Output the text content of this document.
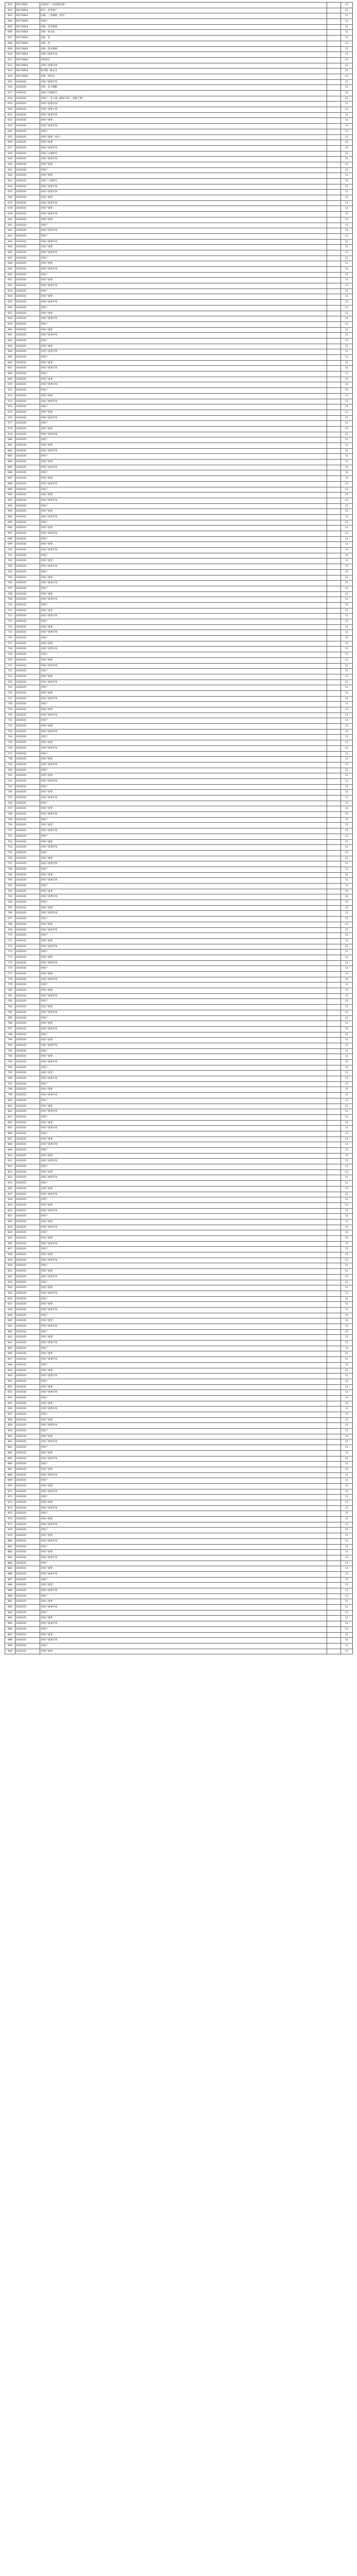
601	00170602	养殖场户（国家级重要）	11
602	00170602	废弃一类养殖户	11
603	00170603	旧城一二类辅助（备价）	11
604	00170603	养殖户	11
605	00170603	养殖一类食物链	11
606	00170604	养殖一类食品	11
607	00170604	养殖一类	11
608	00170604	养殖二类	11
609	00170604	养殖一类食物链	11
610	00170604	养殖户重要市场	11
611	00170604	养殖单位	11
612	00170604	养殖户重要市场	11
613	00170604	地市级一级农业	11
614	00170604	养殖一类的业	11
615	2018101	养殖户重要市场	11
616	2018101	养殖一类大棚粮	11
617	2018101	养殖户实施研究	11
618	2018101	养殖户一类主要（辅助市场）（重要主要）	11
619	2018101	养殖户重要市场	11
620	2018101	养殖户重要主要	11
621	2018101	养殖户重要市场	11
622	2018101	养殖户重要	11
623	2018101	养殖户重要市场	11
624	2018101	养殖户	11
625	2018101	养殖户重要（农业）	11
626	2018101	养殖户重要	11
627	2018101	养殖户重要市场	11
628	2018101	养殖户实施研究	11
629	2018101	养殖户重要市场	11
630	2018101	养殖户重要	11
631	2018101	养殖户	11
632	2018101	养殖户重要	11
633	2018101	养殖户主要研究	11
634	2018101	养殖户重要市场	11
635	2018101	养殖户重要市场	11
636	2018101	养殖户重要	11
637	2018101	养殖户重要市场	11
638	2018101	养殖户重要	11
639	2018101	养殖户重要市场	11
640	2018101	养殖户重要	11
641	2018101	养殖户	11
642	2018101	养殖户重要市场	11
643	2018101	养殖户	11
644	2018101	养殖户重要市场	11
645	2018101	养殖户重要	11
646	2018101	养殖户重要市场	11
647	2018101	养殖户	11
648	2018101	养殖户重要	11
649	2018101	养殖户重要市场	11
650	2018101	养殖户	11
651	2018101	养殖户重要	11
652	2018101	养殖户重要市场	11
653	2018101	养殖户	11
654	2018101	养殖户重要	11
655	2018101	养殖户重要市场	11
656	2018101	养殖户	11
657	2018101	养殖户重要	11
658	2018101	养殖户重要市场	11
659	2018101	养殖户	11
660	2018101	养殖户重要	11
661	2018101	养殖户重要市场	11
662	2018101	养殖户	11
663	2018101	养殖户重要	11
664	2018101	养殖户重要市场	11
665	2018101	养殖户	11
666	2018101	养殖户重要	11
667	2018101	养殖户重要市场	11
668	2018101	养殖户	11
669	2018101	养殖户重要	11
670	2018101	养殖户重要市场	11
671	2018101	养殖户	11
672	2018101	养殖户重要	11
673	2018101	养殖户重要市场	11
674	2018101	养殖户	11
675	2018101	养殖户重要	11
676	2018101	养殖户重要市场	11
677	2018101	养殖户	11
678	2018101	养殖户重要	11
679	2018101	养殖户重要市场	11
680	2018101	养殖户	11
681	2018101	养殖户重要	11
682	2018101	养殖户重要市场	11
683	2018101	养殖户	11
684	2018101	养殖户重要	11
685	2018101	养殖户重要市场	11
686	2018101	养殖户	11
687	2018101	养殖户重要	11
688	2018101	养殖户重要市场	11
689	2018101	养殖户	11
690	2018101	养殖户重要	11
691	2018101	养殖户重要市场	11
692	2018101	养殖户	11
693	2018101	养殖户重要	11
694	2018101	养殖户重要市场	11
695	2018101	养殖户	11
696	2018101	养殖户重要	11
697	2018101	养殖户重要市场	11
698	2018101	养殖户	11
699	2018101	养殖户重要	11
700	2018101	养殖户重要市场	11
701	2018101	养殖户	11
702	2018101	养殖户重要	11
703	2018101	养殖户重要市场	11
704	2018101	养殖户	11
705	2018101	养殖户重要	11
706	2018101	养殖户重要市场	11
707	2018101	养殖户	11
708	2018101	养殖户重要	11
709	2018101	养殖户重要市场	11
710	2018101	养殖户	11
711	2018101	养殖户重要	11
712	2018101	养殖户重要市场	11
713	2018101	养殖户	11
714	2018101	养殖户重要	11
715	2018101	养殖户重要市场	11
716	2018101	养殖户	11
717	2018101	养殖户重要	11
718	2018101	养殖户重要市场	11
719	2018101	养殖户	11
720	2018101	养殖户重要	11
721	2018101	养殖户重要市场	11
722	2018101	养殖户	11
723	2018101	养殖户重要	11
724	2018101	养殖户重要市场	11
725	2018101	养殖户	11
726	2018101	养殖户重要	11
727	2018101	养殖户重要市场	11
728	2018101	养殖户	11
729	2018101	养殖户重要	11
730	2018101	养殖户重要市场	11
731	2018101	养殖户	11
732	2018101	养殖户重要	11
733	2018101	养殖户重要市场	11
734	2018101	养殖户	11
735	2018101	养殖户重要	11
736	2018101	养殖户重要市场	11
737	2018101	养殖户	11
738	2018101	养殖户重要	11
739	2018101	养殖户重要市场	11
740	2018101	养殖户	11
741	2018101	养殖户重要	11
742	2018101	养殖户重要市场	11
743	2018101	养殖户	11
744	2018101	养殖户重要	11
745	2018101	养殖户重要市场	11
746	2018101	养殖户	11
747	2018101	养殖户重要	11
748	2018101	养殖户重要市场	11
749	2018101	养殖户	11
750	2018101	养殖户重要	11
751	2018101	养殖户重要市场	11
752	2018101	养殖户	11
753	2018101	养殖户重要	11
754	2018101	养殖户重要市场	11
755	2018101	养殖户	11
756	2018101	养殖户重要	11
757	2018101	养殖户重要市场	11
758	2018101	养殖户	11
759	2018101	养殖户重要	11
760	2018101	养殖户重要市场	11
761	2018101	养殖户	11
762	2018101	养殖户重要	11
763	2018101	养殖户重要市场	11
764	2018101	养殖户	11
765	2018101	养殖户重要	11
766	2018101	养殖户重要市场	11
767	2018101	养殖户	11
768	2018101	养殖户重要	11
769	2018101	养殖户重要市场	11
770	2018101	养殖户	11
771	2018101	养殖户重要	11
772	2018101	养殖户重要市场	11
773	2018101	养殖户	11
774	2018101	养殖户重要	11
775	2018101	养殖户重要市场	11
776	2018101	养殖户	11
777	2018101	养殖户重要	11
778	2018101	养殖户重要市场	11
779	2018101	养殖户	11
780	2018101	养殖户重要	11
781	2018101	养殖户重要市场	11
782	2018101	养殖户	11
783	2018101	养殖户重要	11
784	2018101	养殖户重要市场	11
785	2018101	养殖户	11
786	2018101	养殖户重要	11
787	2018101	养殖户重要市场	11
788	2018101	养殖户	11
789	2018101	养殖户重要	11
790	2018101	养殖户重要市场	11
791	2018101	养殖户	11
792	2018101	养殖户重要	11
793	2018101	养殖户重要市场	11
794	2018101	养殖户	11
795	2018101	养殖户重要	11
796	2018101	养殖户重要市场	11
797	2018101	养殖户	11
798	2018101	养殖户重要	11
799	2018101	养殖户重要市场	11
800	2018101	养殖户	11
801	2018101	养殖户重要	11
802	2018101	养殖户重要市场	11
803	2018101	养殖户	11
804	2018101	养殖户重要	11
805	2018101	养殖户重要市场	11
806	2018101	养殖户	11
807	2018101	养殖户重要	11
808	2018101	养殖户重要市场	11
809	2018101	养殖户	11
810	2018101	养殖户重要	11
811	2018101	养殖户重要市场	11
812	2018101	养殖户	11
813	2018101	养殖户重要	11
814	2018101	养殖户重要市场	11
815	2018101	养殖户	11
816	2018101	养殖户重要	11
817	2018101	养殖户重要市场	11
818	2018101	养殖户	11
819	2018101	养殖户重要	11
820	2018101	养殖户重要市场	11
821	2018101	养殖户	11
822	2018101	养殖户重要	11
823	2018101	养殖户重要市场	11
824	2018101	养殖户	11
825	2018101	养殖户重要	11
826	2018101	养殖户重要市场	11
827	2018101	养殖户	11
828	2018101	养殖户重要	11
829	2018101	养殖户重要市场	11
830	2018101	养殖户	11
831	2018101	养殖户重要	11
832	2018101	养殖户重要市场	11
833	2018101	养殖户	11
834	2018101	养殖户重要	11
835	2018101	养殖户重要市场	11
836	2018101	养殖户	11
837	2018101	养殖户重要	11
838	2018101	养殖户重要市场	11
839	2018101	养殖户	11
840	2018101	养殖户重要	11
841	2018101	养殖户重要市场	11
842	2018101	养殖户	11
843	2018101	养殖户重要	11
844	2018101	养殖户重要市场	11
845	2018101	养殖户	11
846	2018101	养殖户重要	11
847	2018101	养殖户重要市场	11
848	2018101	养殖户	11
849	2018101	养殖户重要	11
850	2018101	养殖户重要市场	11
851	2018101	养殖户	11
852	2018101	养殖户重要	11
853	2018101	养殖户重要市场	11
854	2018101	养殖户	11
855	2018101	养殖户重要	11
856	2018101	养殖户重要市场	11
857	2018101	养殖户	11
858	2018101	养殖户重要	11
859	2018101	养殖户重要市场	11
860	2018101	养殖户	11
861	2018101	养殖户重要	11
862	2018101	养殖户重要市场	11
863	2018101	养殖户	11
864	2018101	养殖户重要	11
865	2018101	养殖户重要市场	11
866	2018101	养殖户	11
867	2018101	养殖户重要	11
868	2018101	养殖户重要市场	11
869	2018101	养殖户	11
870	2018101	养殖户重要	11
871	2018101	养殖户重要市场	11
872	2018101	养殖户	11
873	2018101	养殖户重要	11
874	2018101	养殖户重要市场	11
875	2018101	养殖户	11
876	2018101	养殖户重要	11
877	2018101	养殖户重要市场	11
878	2018101	养殖户	11
879	2018101	养殖户重要	11
880	2018101	养殖户重要市场	11
881	2018101	养殖户	11
882	2018101	养殖户重要	11
883	2018101	养殖户重要市场	11
884	2018101	养殖户	11
885	2018101	养殖户重要	11
886	2018101	养殖户重要市场	11
887	2018101	养殖户	11
888	2018101	养殖户重要	11
889	2018101	养殖户重要市场	11
890	2018101	养殖户	11
891	2018101	养殖户重要	11
892	2018101	养殖户重要市场	11
893	2018101	养殖户	11
894	2018101	养殖户重要	11
895	2018101	养殖户重要市场	11
896	2018101	养殖户	11
897	2018101	养殖户重要	11
898	2018101	养殖户重要市场	11
899	2018101	养殖户	11
900	2018101	养殖户重要	11
